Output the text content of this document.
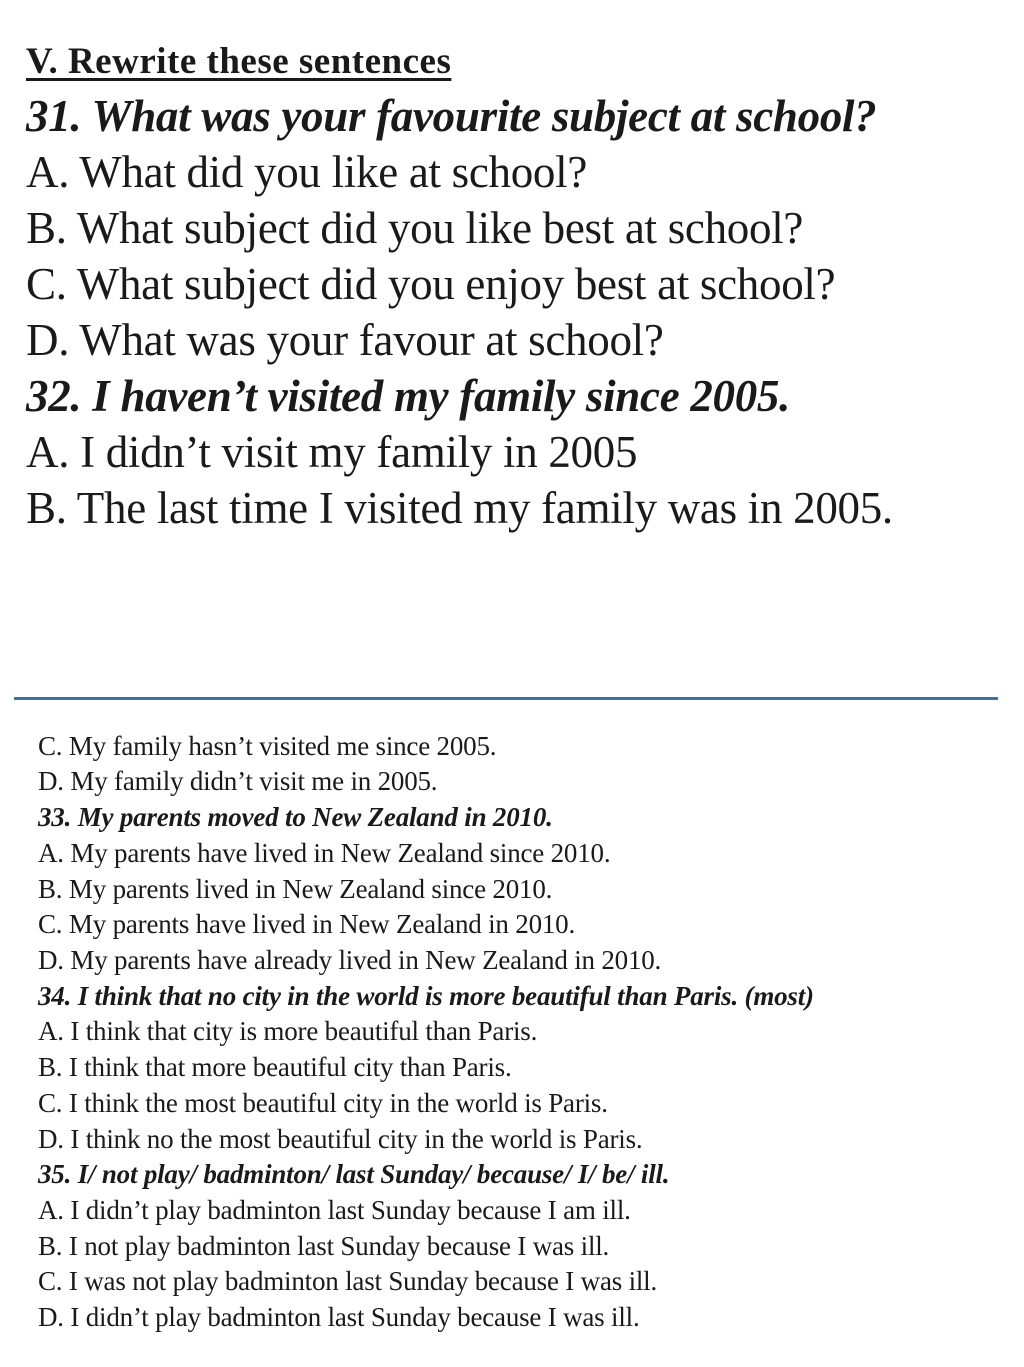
V. Rewrite these sentences
31. What was your favourite subject at school?
A. What did you like at school?
B. What subject did you like best at school?
C. What subject did you enjoy best at school?
D. What was your favour at school?
32. I haven’t visited my family since 2005.
A. I didn’t visit my family in 2005
B. The last time I visited my family was in 2005.
C. My family hasn’t visited me since 2005.
D. My family didn’t visit me in 2005.
33. My parents moved to New Zealand in 2010.
A. My parents have lived in New Zealand since 2010.
B. My parents lived in New Zealand since 2010.
C. My parents have lived in New Zealand in 2010.
D. My parents have already lived in New Zealand in 2010.
34. I think that no city in the world is more beautiful than Paris. (most)
A. I think that city is more beautiful than Paris.
B. I think that more beautiful city than Paris.
C. I think the most beautiful city in the world is Paris.
D. I think no the most beautiful city in the world is Paris.
35. I/ not play/ badminton/ last Sunday/ because/ I/ be/ ill.
A. I didn’t play badminton last Sunday because I am ill.
B. I not play badminton last Sunday because I was ill.
C. I was not play badminton last Sunday because I was ill.
D. I didn’t play badminton last Sunday because I was ill.
